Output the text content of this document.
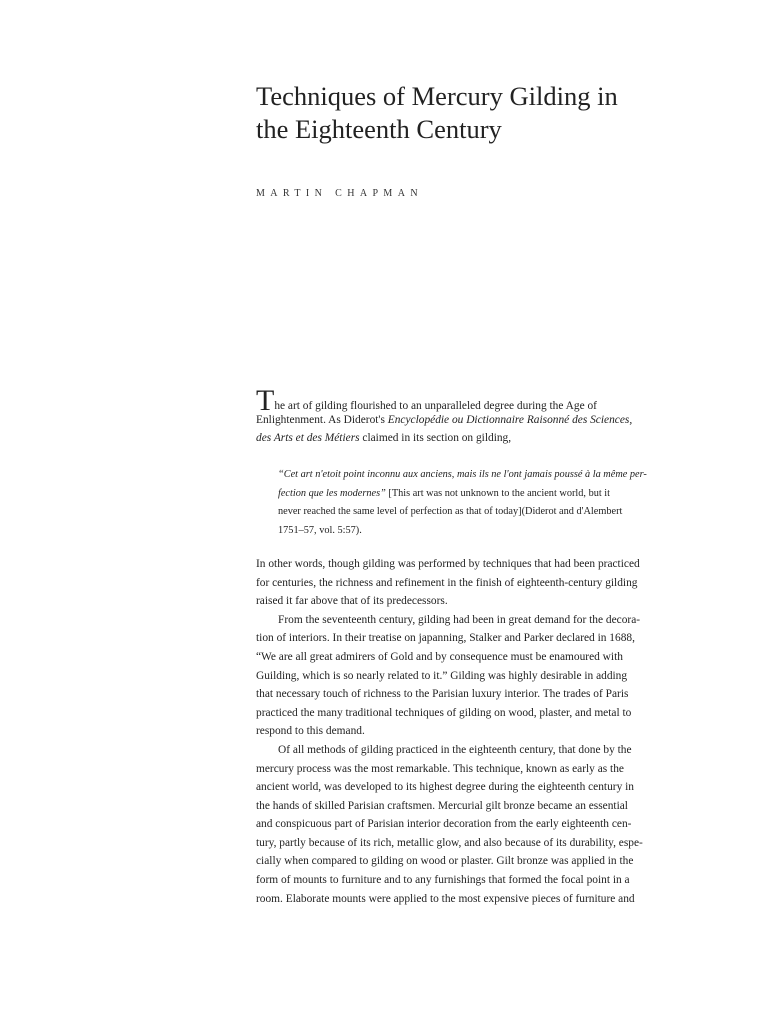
Techniques of Mercury Gilding in
the Eighteenth Century
MARTIN CHAPMAN
The art of gilding flourished to an unparalleled degree during the Age of
Enlightenment. As Diderot's Encyclopédie ou Dictionnaire Raisonné des Sciences,
des Arts et des Métiers claimed in its section on gilding,
“Cet art n'etoit point inconnu aux anciens, mais ils ne l'ont jamais poussé à la même per-
fection que les modernes” [This art was not unknown to the ancient world, but it
never reached the same level of perfection as that of today](Diderot and d'Alembert
1751–57, vol. 5:57).
In other words, though gilding was performed by techniques that had been practiced
for centuries, the richness and refinement in the finish of eighteenth-century gilding
raised it far above that of its predecessors.
From the seventeenth century, gilding had been in great demand for the decora-
tion of interiors. In their treatise on japanning, Stalker and Parker declared in 1688,
“We are all great admirers of Gold and by consequence must be enamoured with
Guilding, which is so nearly related to it.” Gilding was highly desirable in adding
that necessary touch of richness to the Parisian luxury interior. The trades of Paris
practiced the many traditional techniques of gilding on wood, plaster, and metal to
respond to this demand.
Of all methods of gilding practiced in the eighteenth century, that done by the
mercury process was the most remarkable. This technique, known as early as the
ancient world, was developed to its highest degree during the eighteenth century in
the hands of skilled Parisian craftsmen. Mercurial gilt bronze became an essential
and conspicuous part of Parisian interior decoration from the early eighteenth cen-
tury, partly because of its rich, metallic glow, and also because of its durability, espe-
cially when compared to gilding on wood or plaster. Gilt bronze was applied in the
form of mounts to furniture and to any furnishings that formed the focal point in a
room. Elaborate mounts were applied to the most expensive pieces of furniture and
